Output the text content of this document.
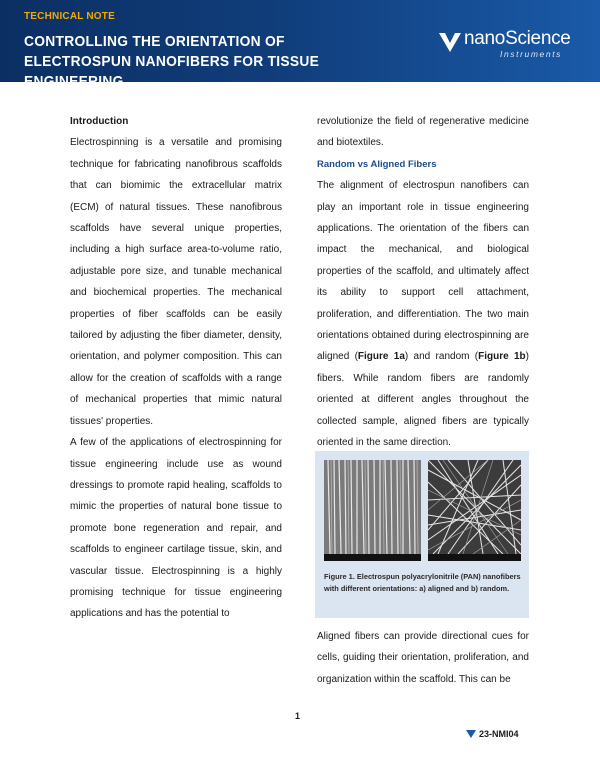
TECHNICAL NOTE
CONTROLLING THE ORIENTATION OF ELECTROSPUN NANOFIBERS FOR TISSUE ENGINEERING
nanoScience
Instruments

Introduction

Electrospinning is a versatile and promising technique for fabricating nanofibrous scaffolds that can biomimic the extracellular matrix (ECM) of natural tissues. These nanofibrous scaffolds have several unique properties, including a high surface area-to-volume ratio, adjustable pore size, and tunable mechanical and biochemical properties. The mechanical properties of fiber scaffolds can be easily tailored by adjusting the fiber diameter, density, orientation, and polymer composition. This can allow for the creation of scaffolds with a range of mechanical properties that mimic natural tissues' properties.

A few of the applications of electrospinning for tissue engineering include use as wound dressings to promote rapid healing, scaffolds to mimic the properties of natural bone tissue to promote bone regeneration and repair, and scaffolds to engineer cartilage tissue, skin, and vascular tissue. Electrospinning is a highly promising technique for tissue engineering applications and has the potential to

revolutionize the field of regenerative medicine and biotextiles.

Random vs Aligned Fibers

The alignment of electrospun nanofibers can play an important role in tissue engineering applications. The orientation of the fibers can impact the mechanical, and biological properties of the scaffold, and ultimately affect its ability to support cell attachment, proliferation, and differentiation. The two main orientations obtained during electrospinning are aligned (Figure 1a) and random (Figure 1b) fibers. While random fibers are randomly oriented at different angles throughout the collected sample, aligned fibers are typically oriented in the same direction.

Figure 1. Electrospun polyacrylonitrile (PAN) nanofibers with different orientations: a) aligned and b) random.
Aligned fibers can provide directional cues for cells, guiding their orientation, proliferation, and organization within the scaffold. This can be
1
23-NMI04
